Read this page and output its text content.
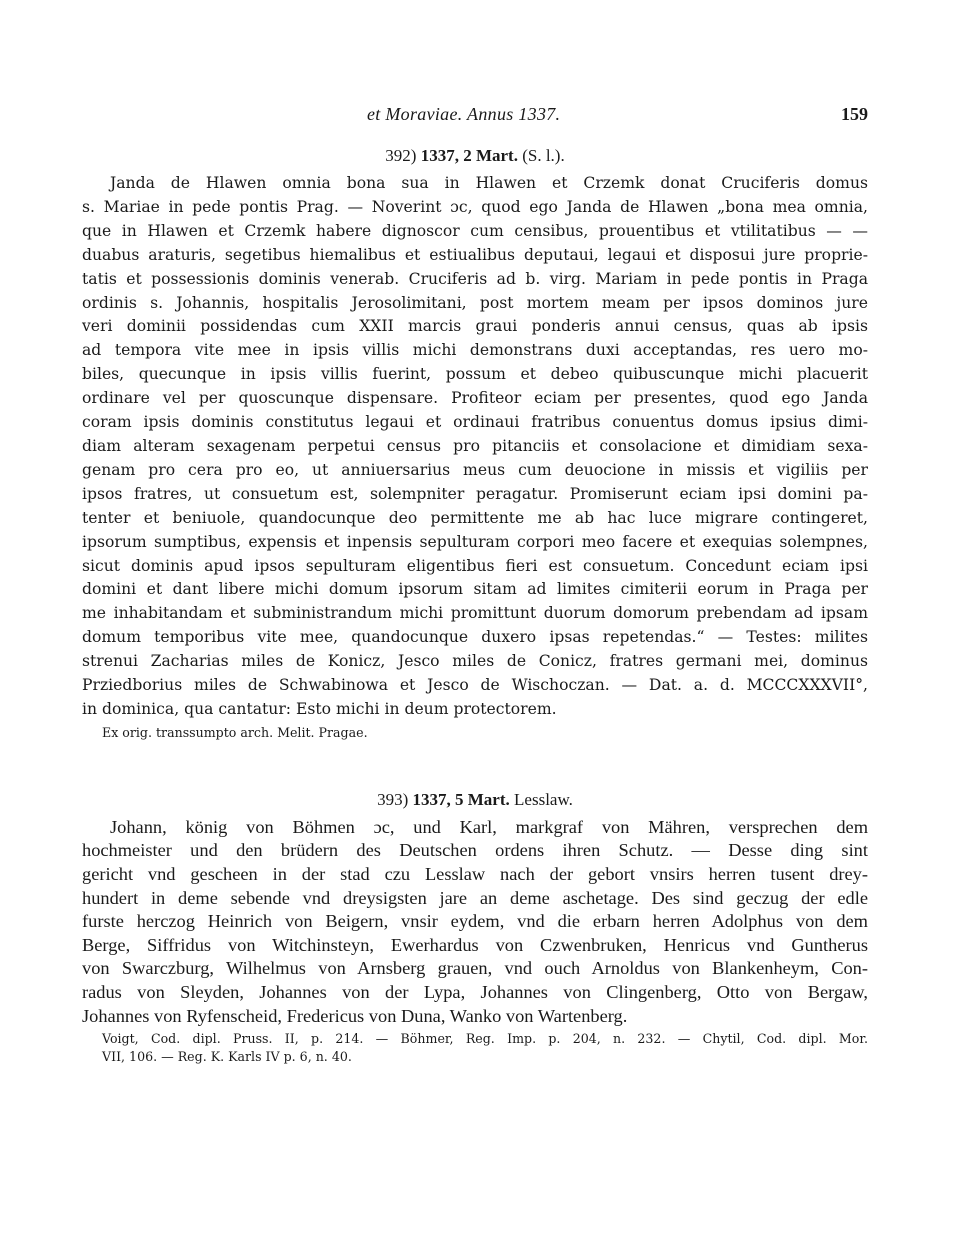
et Moraviae. Annus 1337.	159
392) 1337, 2 Mart. (S. l.).
Janda de Hlawen omnia bona sua in Hlawen et Crzemk donat Cruciferis domus
s. Mariae in pede pontis Prag. — Noverint ɔc, quod ego Janda de Hlawen „bona mea omnia,
que in Hlawen et Crzemk habere dignoscor cum censibus, prouentibus et vtilitatibus — —
duabus araturis, segetibus hiemalibus et estiualibus deputaui, legaui et disposui jure proprie-
tatis et possessionis dominis venerab. Cruciferis ad b. virg. Mariam in pede pontis in Praga
ordinis s. Johannis, hospitalis Jerosolimitani, post mortem meam per ipsos dominos jure
veri dominii possidendas cum XXII marcis graui ponderis annui census, quas ab ipsis
ad tempora vite mee in ipsis villis michi demonstrans duxi acceptandas, res uero mo-
biles, quecunque in ipsis villis fuerint, possum et debeo quibuscunque michi placuerit
ordinare vel per quoscunque dispensare. Profiteor eciam per presentes, quod ego Janda
coram ipsis dominis constitutus legaui et ordinaui fratribus conuentus domus ipsius dimi-
diam alteram sexagenam perpetui census pro pitanciis et consolacione et dimidiam sexa-
genam pro cera pro eo, ut anniuersarius meus cum deuocione in missis et vigiliis per
ipsos fratres, ut consuetum est, solempniter peragatur. Promiserunt eciam ipsi domini pa-
tenter et beniuole, quandocunque deo permittente me ab hac luce migrare contingeret,
ipsorum sumptibus, expensis et inpensis sepulturam corpori meo facere et exequias solempnes,
sicut dominis apud ipsos sepulturam eligentibus fieri est consuetum. Concedunt eciam ipsi
domini et dant libere michi domum ipsorum sitam ad limites cimiterii eorum in Praga per
me inhabitandam et subministrandum michi promittunt duorum domorum prebendam ad ipsam
domum temporibus vite mee, quandocunque duxero ipsas repetendas.“ — Testes: milites
strenui Zacharias miles de Konicz, Jesco miles de Conicz, fratres germani mei, dominus
Prziedborius miles de Schwabinowa et Jesco de Wischoczan. — Dat. a. d. MCCCXXXVII°,
in dominica, qua cantatur: Esto michi in deum protectorem.
Ex orig. transsumpto arch. Melit. Pragae.
393) 1337, 5 Mart. Lesslaw.
Johann, könig von Böhmen ɔc, und Karl, markgraf von Mähren, versprechen dem
hochmeister und den brüdern des Deutschen ordens ihren Schutz. — Desse ding sint
gericht vnd gescheen in der stad czu Lesslaw nach der gebort vnsirs herren tusent drey-
hundert in deme sebende vnd dreysigsten jare an deme aschetage. Des sind geczug der edle
furste herczog Heinrich von Beigern, vnsir eydem, vnd die erbarn herren Adolphus von dem
Berge, Siffridus von Witchinsteyn, Ewerhardus von Czwenbruken, Henricus vnd Guntherus
von Swarczburg, Wilhelmus von Arnsberg grauen, vnd ouch Arnoldus von Blankenheym, Con-
radus von Sleyden, Johannes von der Lypa, Johannes von Clingenberg, Otto von Bergaw,
Johannes von Ryfenscheid, Fredericus von Duna, Wanko von Wartenberg.
Voigt, Cod. dipl. Pruss. II, p. 214. — Böhmer, Reg. Imp. p. 204, n. 232. — Chytil, Cod. dipl. Mor.
VII, 106. — Reg. K. Karls IV p. 6, n. 40.
